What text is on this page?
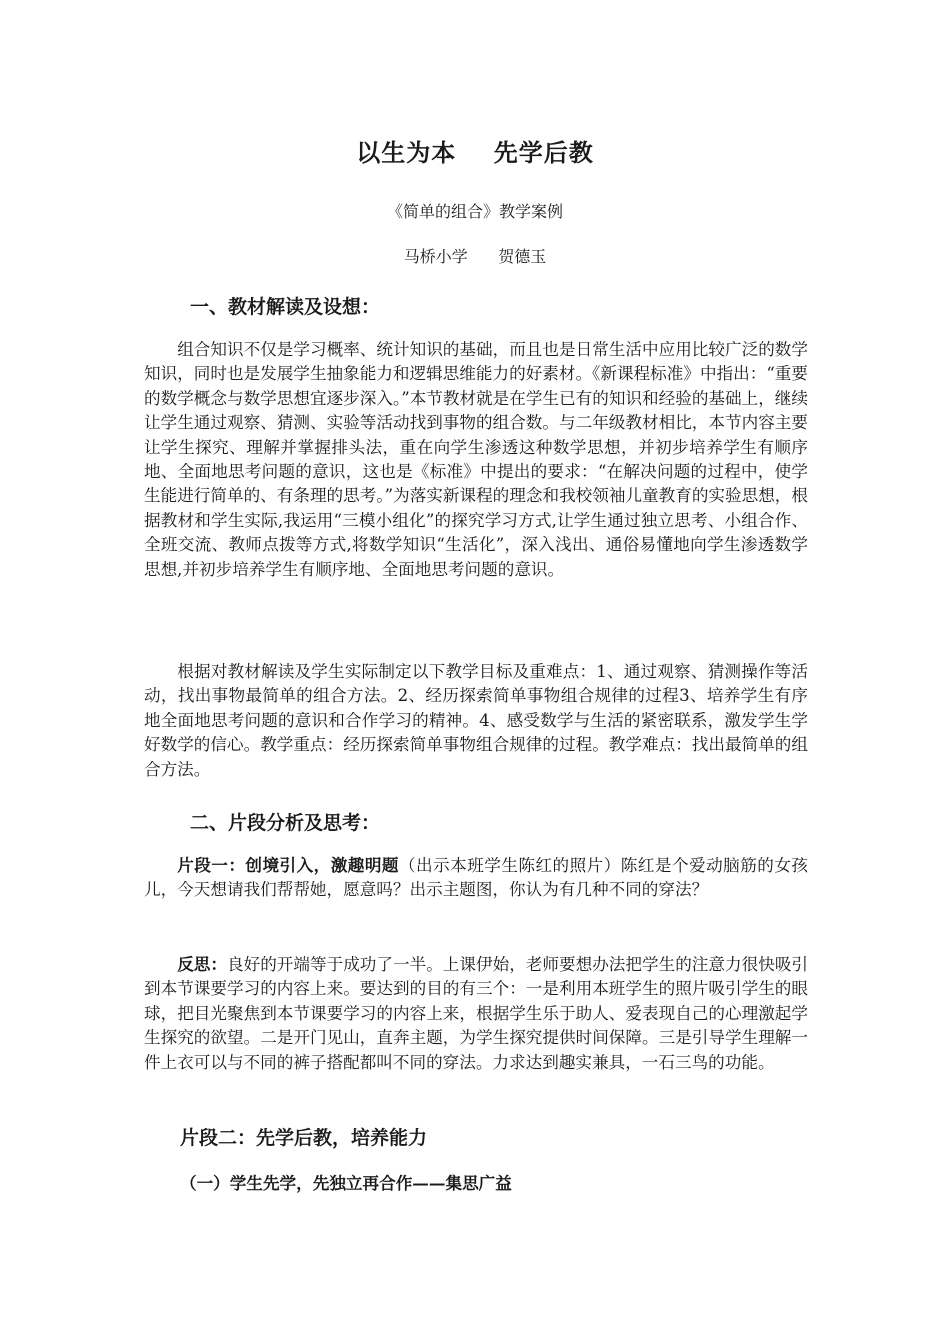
以生为本    先学后教
《简单的组合》教学案例
马桥小学      贺德玉
一、教材解读及设想：

组合知识不仅是学习概率、统计知识的基础，而且也是日常生活中应用比较广泛的数学知识，同时也是发展学生抽象能力和逻辑思维能力的好素材。《新课程标准》中指出：“重要的数学概念与数学思想宜逐步深入。”本节教材就是在学生已有的知识和经验的基础上，继续让学生通过观察、猜测、实验等活动找到事物的组合数。与二年级教材相比，本节内容主要让学生探究、理解并掌握排头法，重在向学生渗透这种数学思想，并初步培养学生有顺序地、全面地思考问题的意识，这也是《标准》中提出的要求：“在解决问题的过程中，使学生能进行简单的、有条理的思考。”为落实新课程的理念和我校领袖儿童教育的实验思想，根据教材和学生实际,我运用“三模小组化”的探究学习方式,让学生通过独立思考、小组合作、全班交流、教师点拨等方式,将数学知识“生活化”，深入浅出、通俗易懂地向学生渗透数学思想,并初步培养学生有顺序地、全面地思考问题的意识。

根据对教材解读及学生实际制定以下教学目标及重难点：1、通过观察、猜测操作等活动，找出事物最简单的组合方法。2、经历探索简单事物组合规律的过程3、培养学生有序地全面地思考问题的意识和合作学习的精神。4、感受数学与生活的紧密联系，激发学生学好数学的信心。教学重点：经历探索简单事物组合规律的过程。教学难点：找出最简单的组合方法。

二、片段分析及思考：

片段一：创境引入，激趣明题（出示本班学生陈红的照片）陈红是个爱动脑筋的女孩儿，今天想请我们帮帮她，愿意吗？出示主题图，你认为有几种不同的穿法？

反思：良好的开端等于成功了一半。上课伊始，老师要想办法把学生的注意力很快吸引到本节课要学习的内容上来。要达到的目的有三个：一是利用本班学生的照片吸引学生的眼球，把目光聚焦到本节课要学习的内容上来，根据学生乐于助人、爱表现自己的心理激起学生探究的欲望。二是开门见山，直奔主题，为学生探究提供时间保障。三是引导学生理解一件上衣可以与不同的裤子搭配都叫不同的穿法。力求达到趣实兼具，一石三鸟的功能。

片段二：先学后教，培养能力
（一）学生先学，先独立再合作——集思广益
